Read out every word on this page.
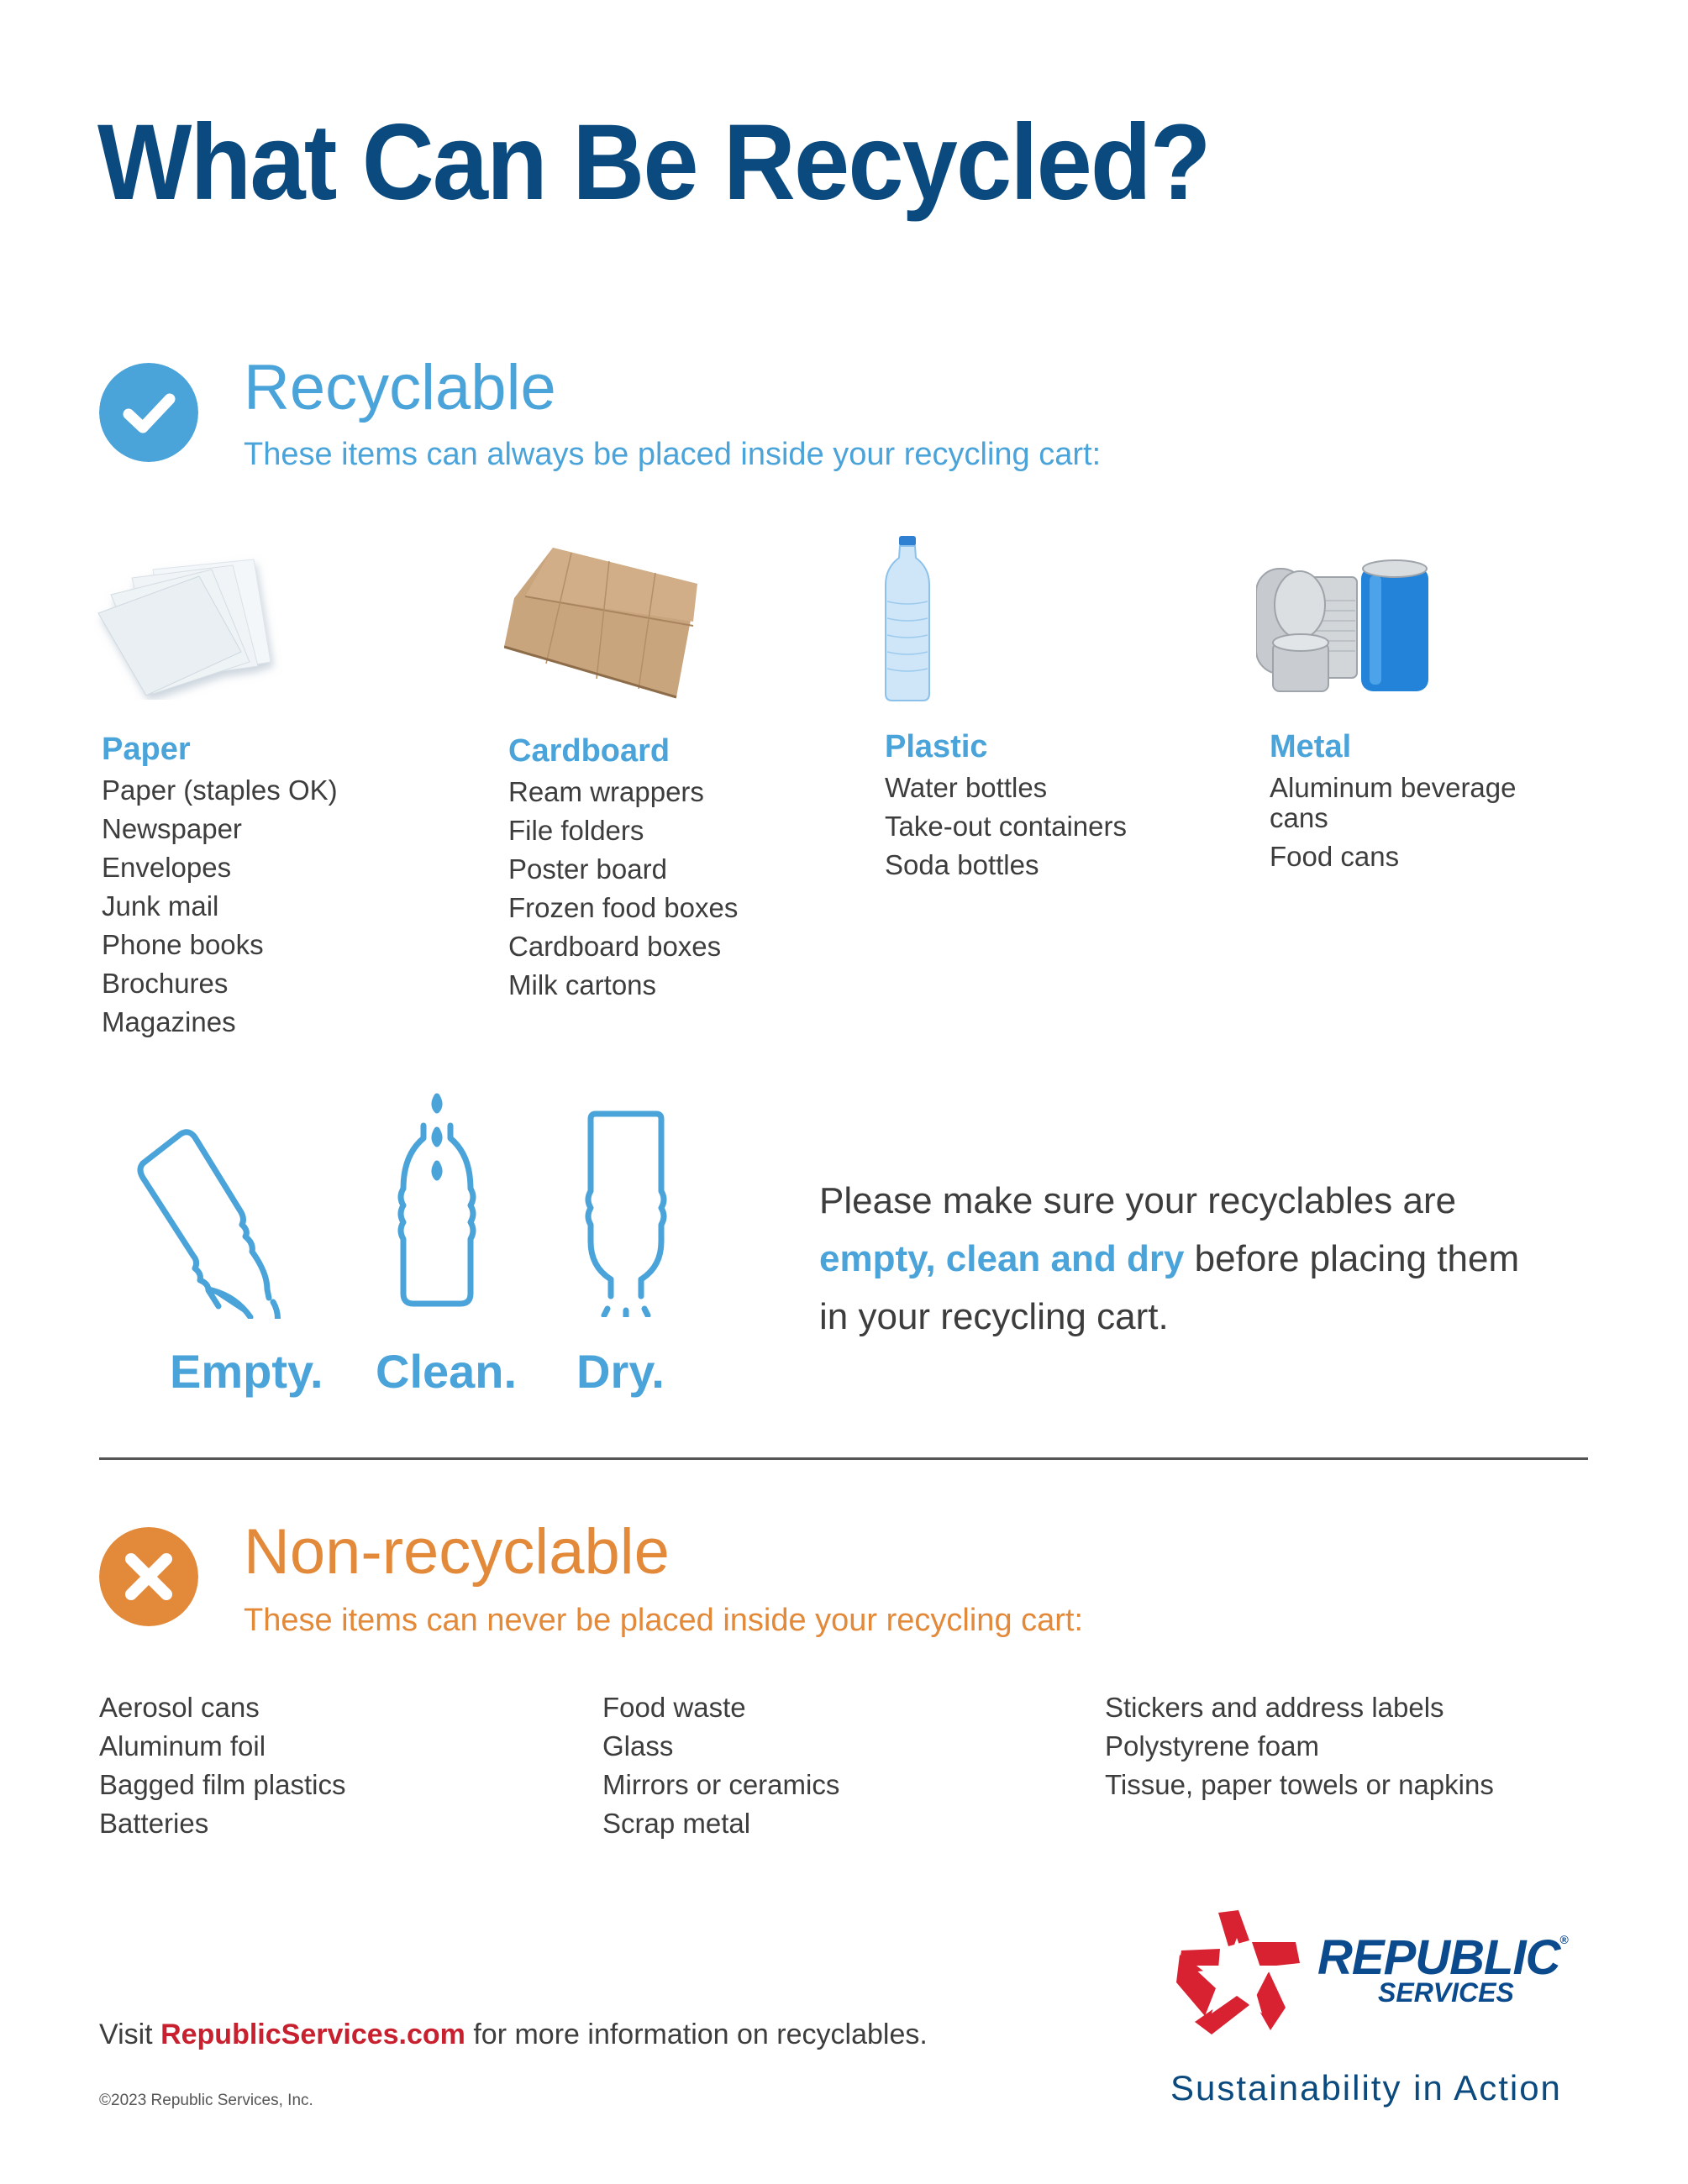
What Can Be Recycled?
Recyclable
These items can always be placed inside your recycling cart:
Paper
Paper (staples OK)
Newspaper
Envelopes
Junk mail
Phone books
Brochures
Magazines
Cardboard
Ream wrappers
File folders
Poster board
Frozen food boxes
Cardboard boxes
Milk cartons
Plastic
Water bottles
Take-out containers
Soda bottles
Metal
Aluminum beverage cans
Food cans
Empty. Clean. Dry.
Please make sure your recyclables are empty, clean and dry before placing them in your recycling cart.
Non-recyclable
These items can never be placed inside your recycling cart:
Aerosol cans
Aluminum foil
Bagged film plastics
Batteries
Food waste
Glass
Mirrors or ceramics
Scrap metal
Stickers and address labels
Polystyrene foam
Tissue, paper towels or napkins
Visit RepublicServices.com for more information on recyclables.
©2023 Republic Services, Inc.
REPUBLIC®
SERVICES
Sustainability in Action
